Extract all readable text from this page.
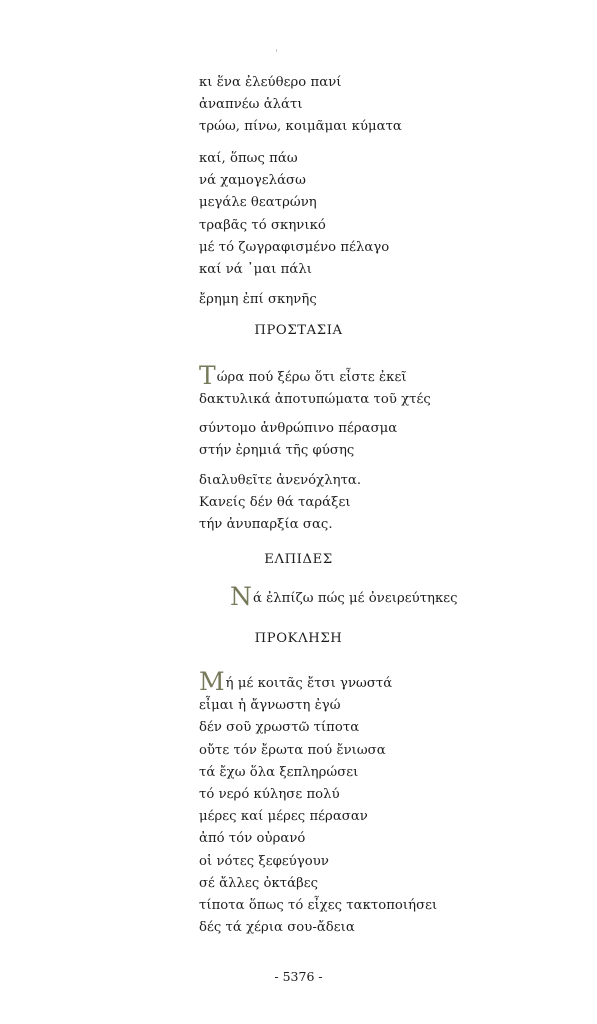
κι ἕνα ἐλεύθερο πανί
ἀναπνέω ἁλάτι
τρώω, πίνω, κοιμᾶμαι κύματα
καί, ὅπως πάω
νά χαμογελάσω
μεγάλε θεατρώνη
τραβᾶς τό σκηνικό
μέ τό ζωγραφισμένο πέλαγο
καί νά ᾽μαι πάλι
ἔρημη ἐπί σκηνῆς
ΠΡΟΣΤΑΣΙΑ
Τώρα πού ξέρω ὅτι εἶστε ἐκεῖ
δακτυλικά ἀποτυπώματα τοῦ χτές
σύντομο ἀνθρώπινο πέρασμα
στήν ἐρημιά τῆς φύσης
διαλυθεῖτε ἀνενόχλητα.
Κανείς δέν θά ταράξει
τήν ἀνυπαρξία σας.
ΕΛΠΙΔΕΣ
Νά ἐλπίζω πώς μέ ὀνειρεύτηκες
ΠΡΟΚΛΗΣΗ
Μή μέ κοιτᾶς ἔτσι γνωστά
εἶμαι ἡ ἄγνωστη ἐγώ
δέν σοῦ χρωστῶ τίποτα
οὔτε τόν ἔρωτα πού ἔνιωσα
τά ἔχω ὅλα ξεπληρώσει
τό νερό κύλησε πολύ
μέρες καί μέρες πέρασαν
ἀπό τόν οὐρανό
οἱ νότες ξεφεύγουν
σέ ἄλλες ὀκτάβες
τίποτα ὅπως τό εἶχες τακτοποιήσει
δές τά χέρια σου-ἄδεια
- 5376 -
